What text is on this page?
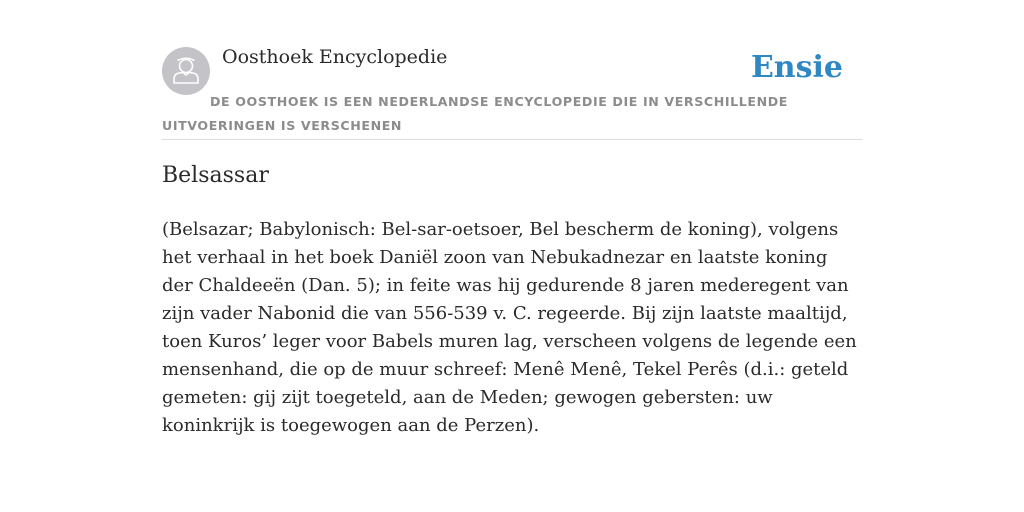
Oosthoek Encyclopedie	Ensie
DE OOSTHOEK IS EEN NEDERLANDSE ENCYCLOPEDIE DIE IN VERSCHILLENDE UITVOERINGEN IS VERSCHENEN
Belsassar

(Belsazar; Babylonisch: Bel-sar-oetsoer, Bel bescherm de koning), volgens het verhaal in het boek Daniël zoon van Nebukadnezar en laatste koning der Chaldeeën (Dan. 5); in feite was hij gedurende 8 jaren mederegent van zijn vader Nabonid die van 556-539 v. C. regeerde. Bij zijn laatste maaltijd, toen Kuros’ leger voor Babels muren lag, verscheen volgens de legende een mensenhand, die op de muur schreef: Menê Menê, Tekel Perês (d.i.: geteld gemeten: gij zijt toegeteld, aan de Meden; gewogen gebersten: uw koninkrijk is toegewogen aan de Perzen).
